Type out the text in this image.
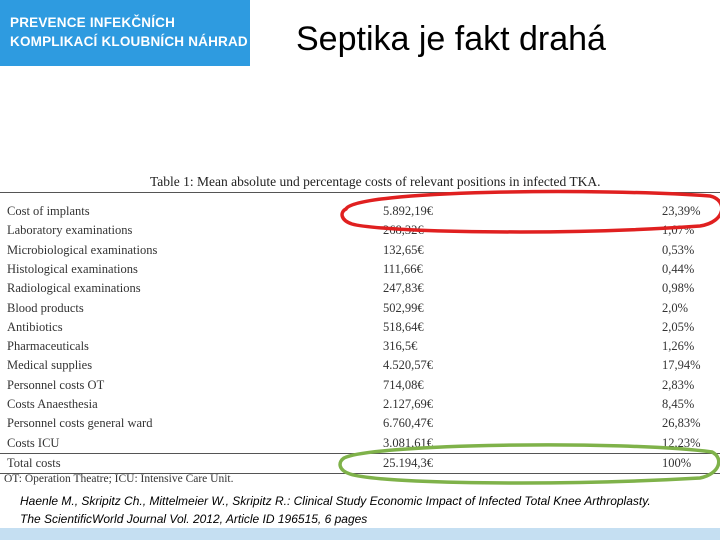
PREVENCE INFEKČNÍCH
KOMPLIKACÍ KLOUBNÍCH NÁHRAD Septika je fakt drahá
Table 1: Mean absolute und percentage costs of relevant positions in infected TKA.
Cost of implants	5.892,19€	23,39%
Laboratory examinations	268,32€	1,07%
Microbiological examinations	132,65€	0,53%
Histological examinations	111,66€	0,44%
Radiological examinations	247,83€	0,98%
Blood products	502,99€	2,0%
Antibiotics	518,64€	2,05%
Pharmaceuticals	316,5€	1,26%
Medical supplies	4.520,57€	17,94%
Personnel costs OT	714,08€	2,83%
Costs Anaesthesia	2.127,69€	8,45%
Personnel costs general ward	6.760,47€	26,83%
Costs ICU	3.081,61€	12,23%
Total costs	25.194,3€	100%
OT: Operation Theatre; ICU: Intensive Care Unit.
Haenle M., Skripitz Ch., Mittelmeier W., Skripitz R.: Clinical Study Economic Impact of Infected Total Knee Arthroplasty.
The ScientificWorld Journal Vol. 2012, Article ID 196515, 6 pages
